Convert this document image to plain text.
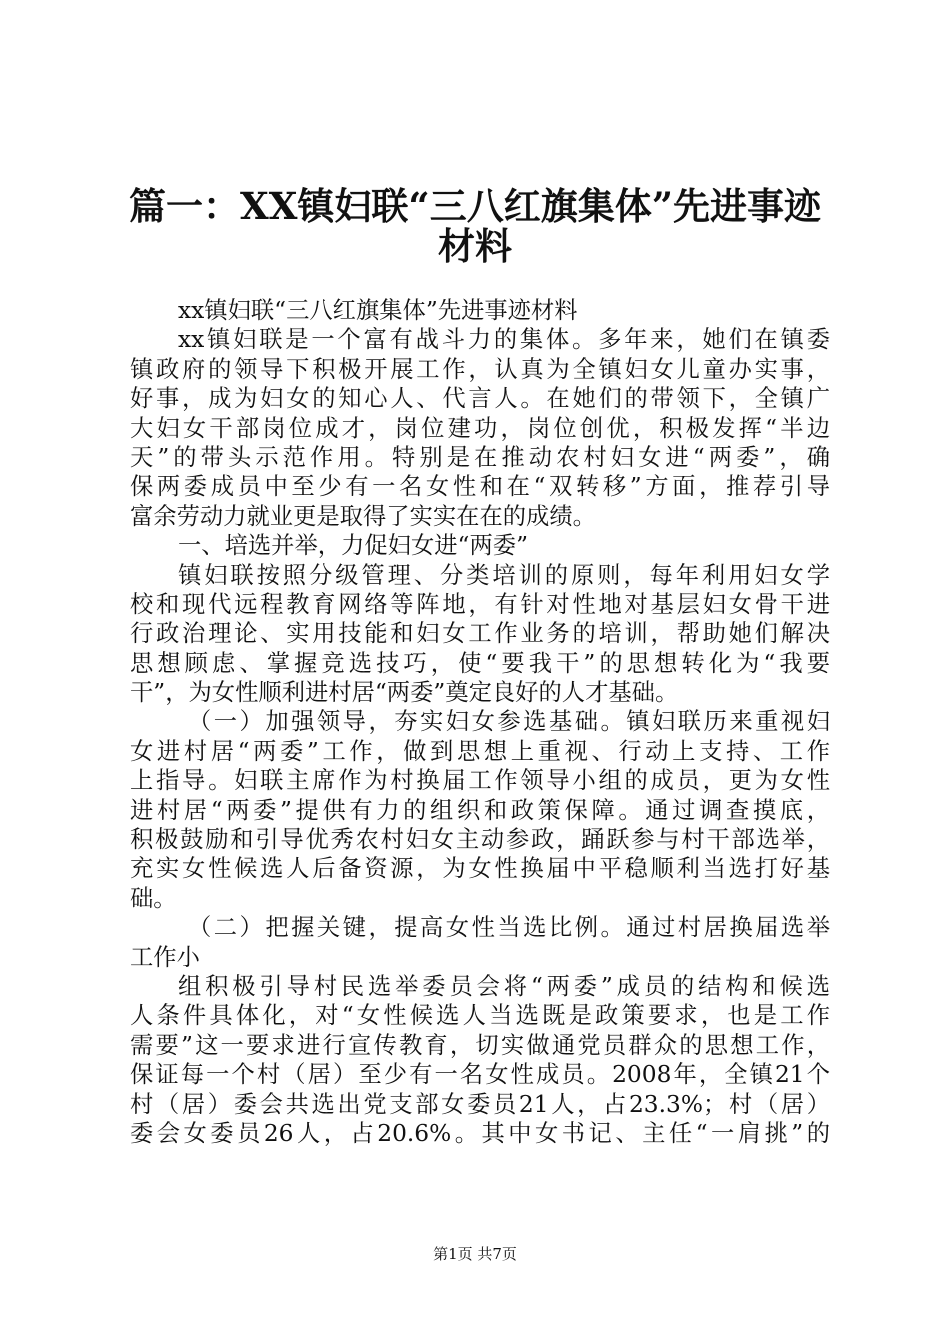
篇一：XX镇妇联“三八红旗集体”先进事迹
材料
xx镇妇联“三八红旗集体”先进事迹材料
xx镇妇联是一个富有战斗力的集体。多年来，她们在镇委
镇政府的领导下积极开展工作，认真为全镇妇女儿童办实事，
好事，成为妇女的知心人、代言人。在她们的带领下，全镇广
大妇女干部岗位成才，岗位建功，岗位创优，积极发挥“半边
天”的带头示范作用。特别是在推动农村妇女进“两委”，确
保两委成员中至少有一名女性和在“双转移”方面，推荐引导
富余劳动力就业更是取得了实实在在的成绩。
一、培选并举，力促妇女进“两委”
镇妇联按照分级管理、分类培训的原则，每年利用妇女学
校和现代远程教育网络等阵地，有针对性地对基层妇女骨干进
行政治理论、实用技能和妇女工作业务的培训，帮助她们解决
思想顾虑、掌握竞选技巧，使“要我干”的思想转化为“我要
干”，为女性顺利进村居“两委”奠定良好的人才基础。
（一）加强领导，夯实妇女参选基础。镇妇联历来重视妇
女进村居“两委”工作，做到思想上重视、行动上支持、工作
上指导。妇联主席作为村换届工作领导小组的成员，更为女性
进村居“两委”提供有力的组织和政策保障。通过调查摸底，
积极鼓励和引导优秀农村妇女主动参政，踊跃参与村干部选举，
充实女性候选人后备资源，为女性换届中平稳顺利当选打好基
础。
（二）把握关键，提高女性当选比例。通过村居换届选举
工作小
组积极引导村民选举委员会将“两委”成员的结构和候选
人条件具体化，对“女性候选人当选既是政策要求，也是工作
需要”这一要求进行宣传教育，切实做通党员群众的思想工作，
保证每一个村（居）至少有一名女性成员。2008年，全镇21个
村（居）委会共选出党支部女委员21人，占23.3%；村（居）
委会女委员26人，占20.6%。其中女书记、主任“一肩挑”的
第1页 共7页
